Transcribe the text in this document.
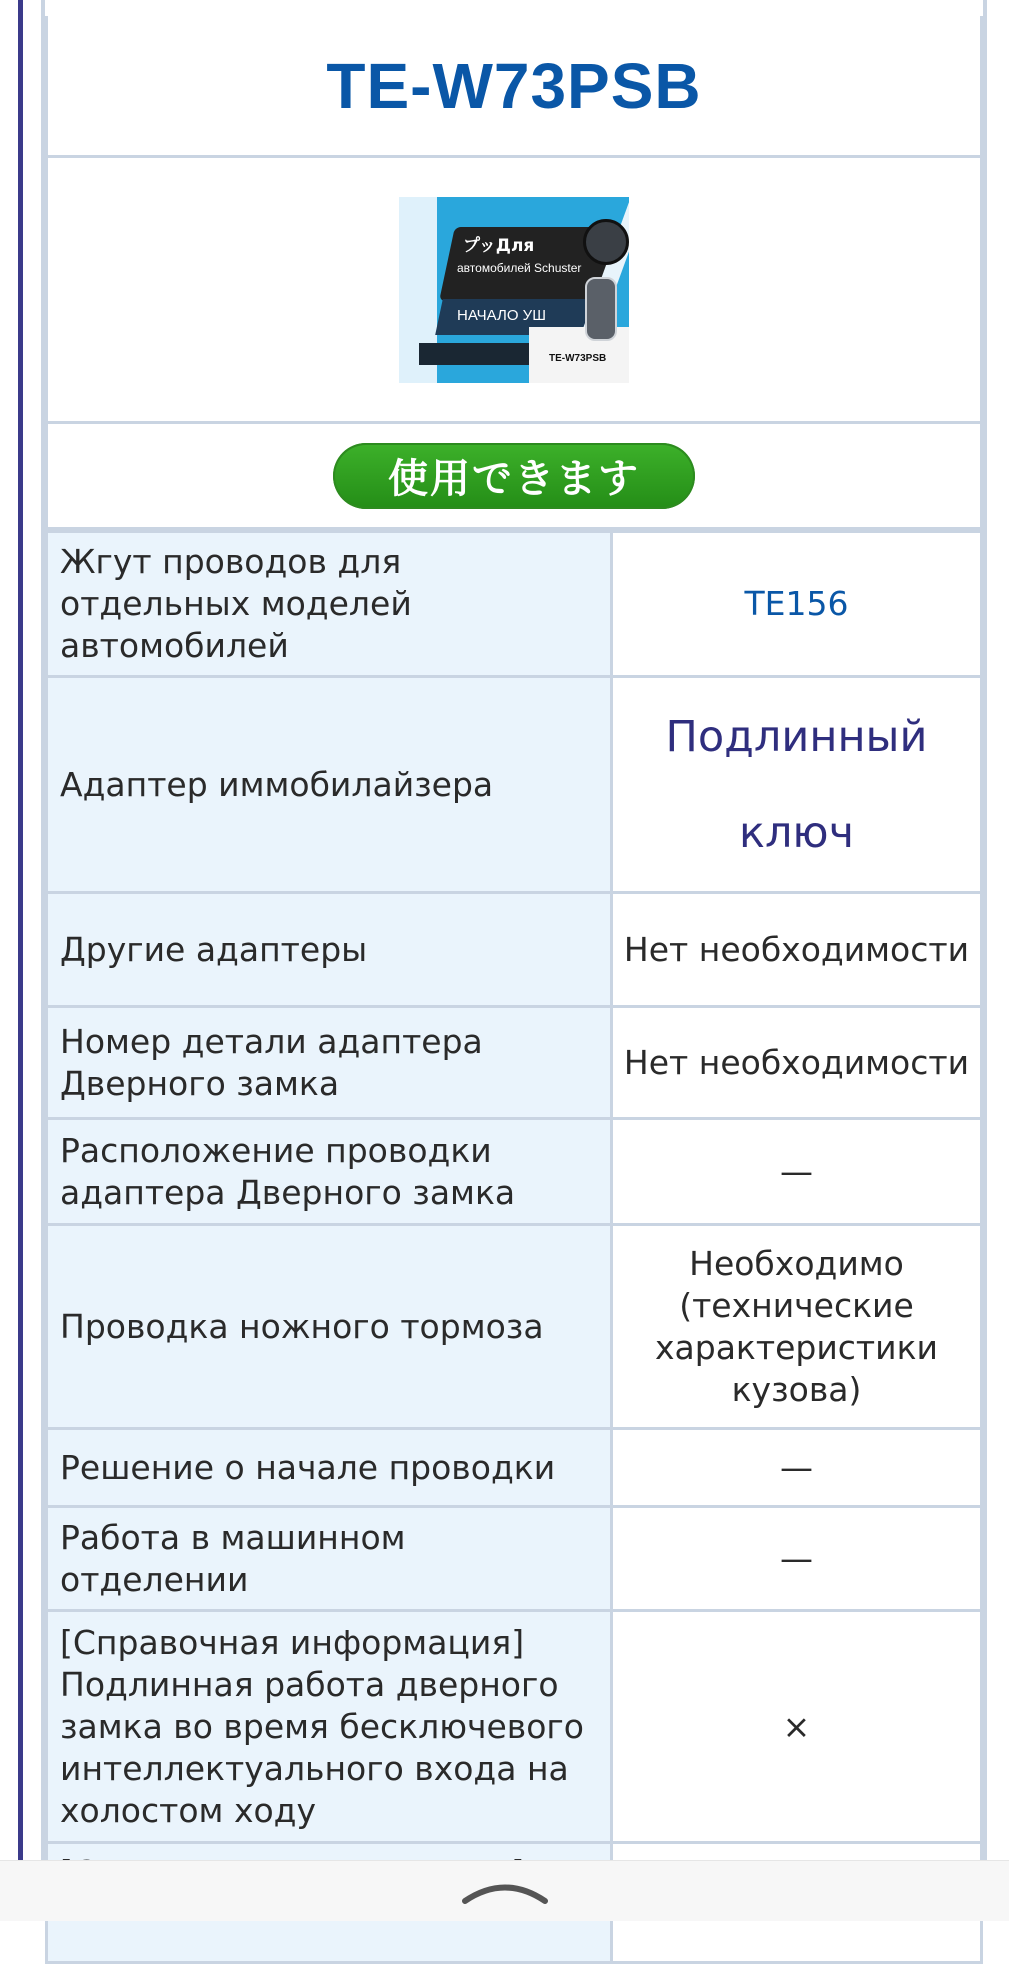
TE-W73PSB
プッДля
автомобилей Schuster
НАЧАЛО УШ
TE-W73PSB
使用できます
Жгут проводов для отдельных моделей автомобилей	TE156
Адаптер иммобилайзера	Подлинный ключ
Другие адаптеры	Нет необходимости
Номер детали адаптера Дверного замка	Нет необходимости
Расположение проводки адаптера Дверного замка	—
Проводка ножного тормоза	Необходимо (технические характеристики кузова)
Решение о начале проводки	—
Работа в машинном отделении	—
[Справочная информация] Подлинная работа дверного замка во время бесключевого интеллектуального входа на холостом ходу	×
